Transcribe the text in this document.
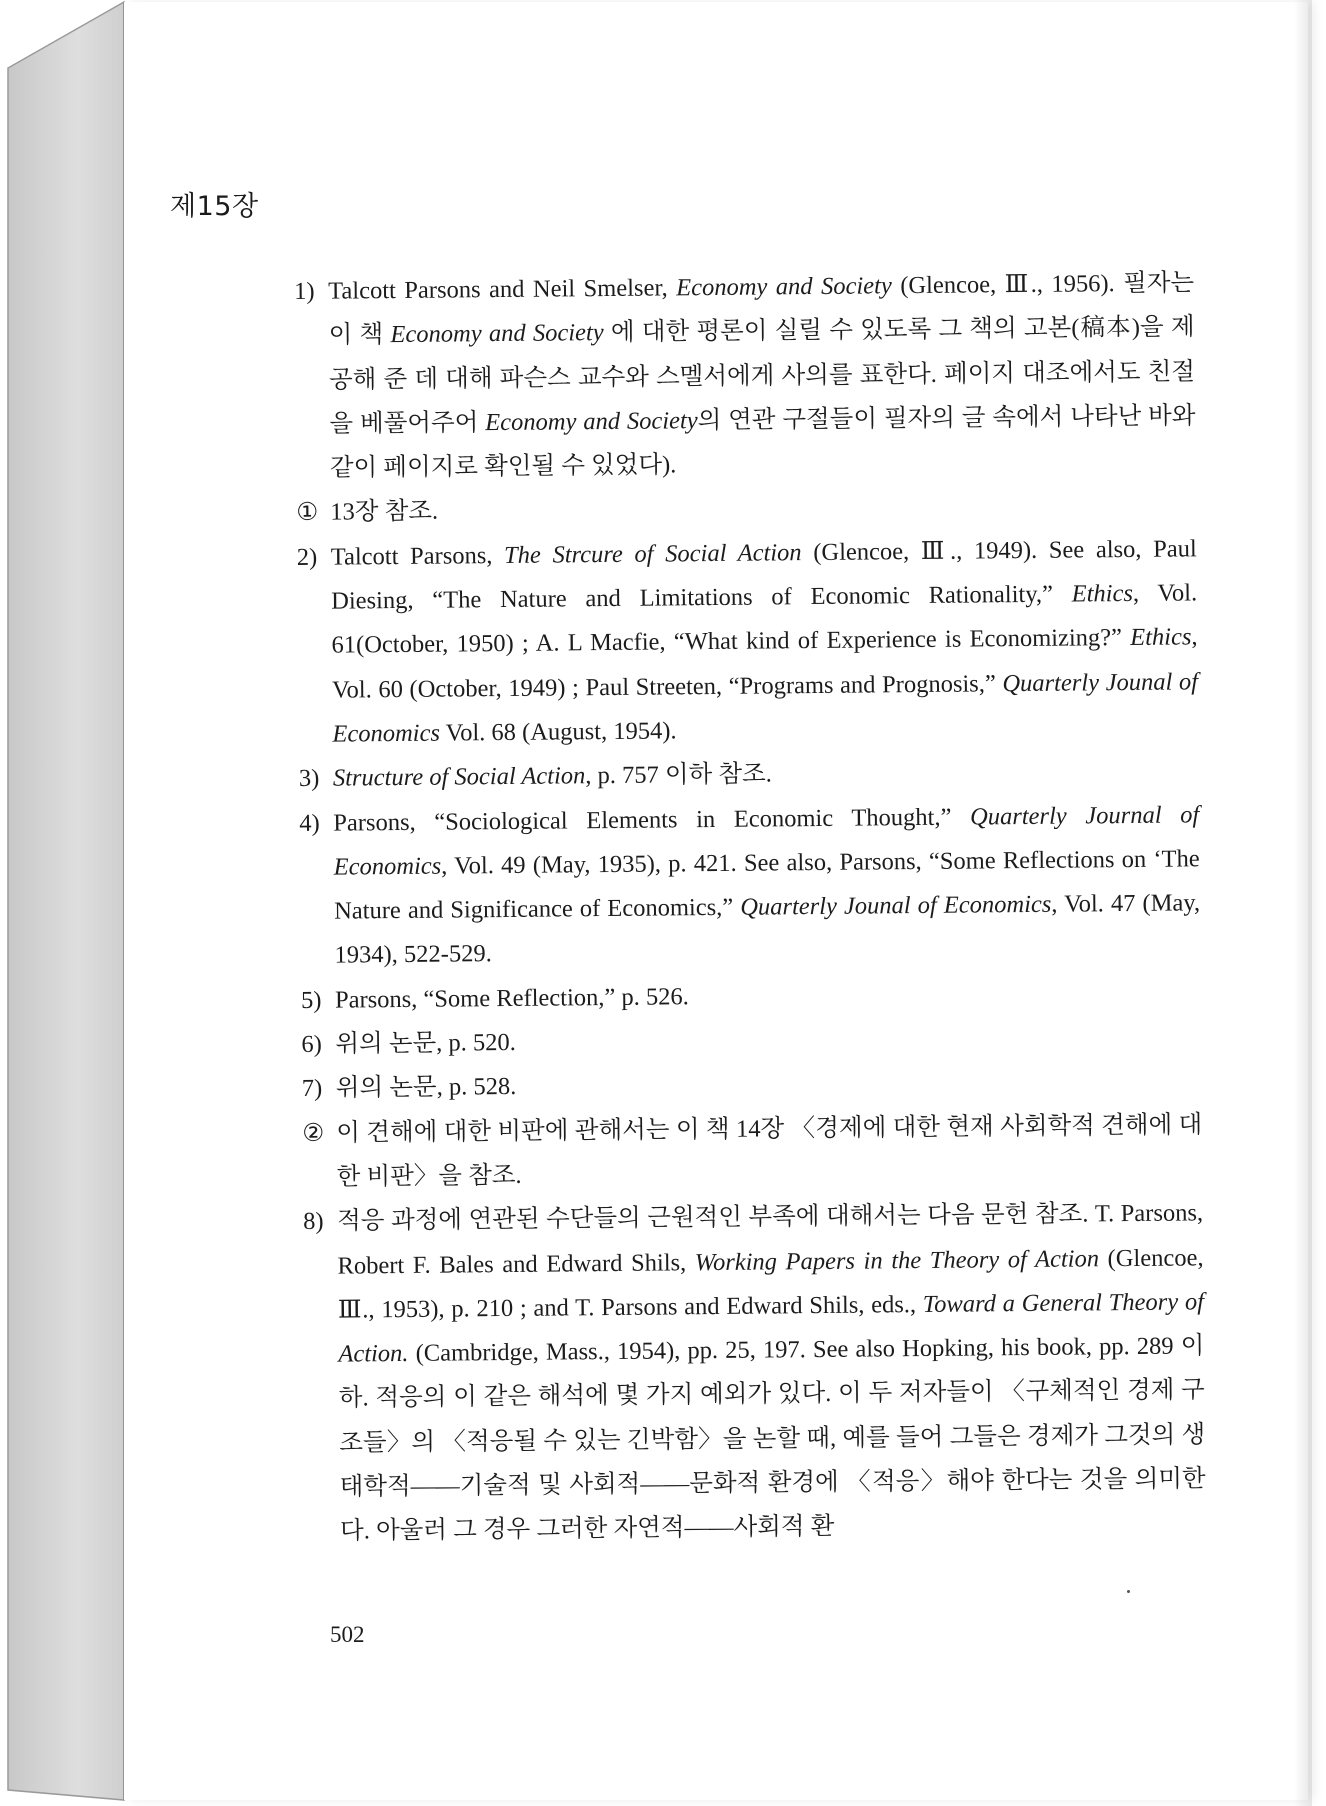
제15장
1) Talcott Parsons and Neil Smelser, Economy and Society (Glencoe, Ⅲ., 1956). 필자는 이 책 Economy and Society 에 대한 평론이 실릴 수 있도록 그 책의 고본(稿本)을 제공해 준 데 대해 파슨스 교수와 스멜서에게 사의를 표한다. 페이지 대조에서도 친절을 베풀어주어 Economy and Society의 연관 구절들이 필자의 글 속에서 나타난 바와 같이 페이지로 확인될 수 있었다).
① 13장 참조.
2) Talcott Parsons, The Strcure of Social Action (Glencoe, Ⅲ., 1949). See also, Paul Diesing, “The Nature and Limitations of Economic Rationality,” Ethics, Vol. 61(October, 1950) ; A. L Macfie, “What kind of Experience is Economizing?” Ethics, Vol. 60 (October, 1949) ; Paul Streeten, “Programs and Prognosis,” Quarterly Jounal of Economics Vol. 68 (August, 1954).
3) Structure of Social Action, p. 757 이하 참조.
4) Parsons, “Sociological Elements in Economic Thought,” Quarterly Journal of Economics, Vol. 49 (May, 1935), p. 421. See also, Parsons, “Some Reflections on ‘The Nature and Significance of Economics,” Quarterly Jounal of Economics, Vol. 47 (May, 1934), 522-529.
5) Parsons, “Some Reflection,” p. 526.
6) 위의 논문, p. 520.
7) 위의 논문, p. 528.
② 이 견해에 대한 비판에 관해서는 이 책 14장 〈경제에 대한 현재 사회학적 견해에 대한 비판〉을 참조.
8) 적응 과정에 연관된 수단들의 근원적인 부족에 대해서는 다음 문헌 참조. T. Parsons, Robert F. Bales and Edward Shils, Working Papers in the Theory of Action (Glencoe, Ⅲ., 1953), p. 210 ; and T. Parsons and Edward Shils, eds., Toward a General Theory of Action. (Cambridge, Mass., 1954), pp. 25, 197. See also Hopking, his book, pp. 289 이하. 적응의 이 같은 해석에 몇 가지 예외가 있다. 이 두 저자들이 〈구체적인 경제 구조들〉의 〈적응될 수 있는 긴박함〉을 논할 때, 예를 들어 그들은 경제가 그것의 생태학적――기술적 및 사회적――문화적 환경에 〈적응〉해야 한다는 것을 의미한다. 아울러 그 경우 그러한 자연적――사회적 환
502
